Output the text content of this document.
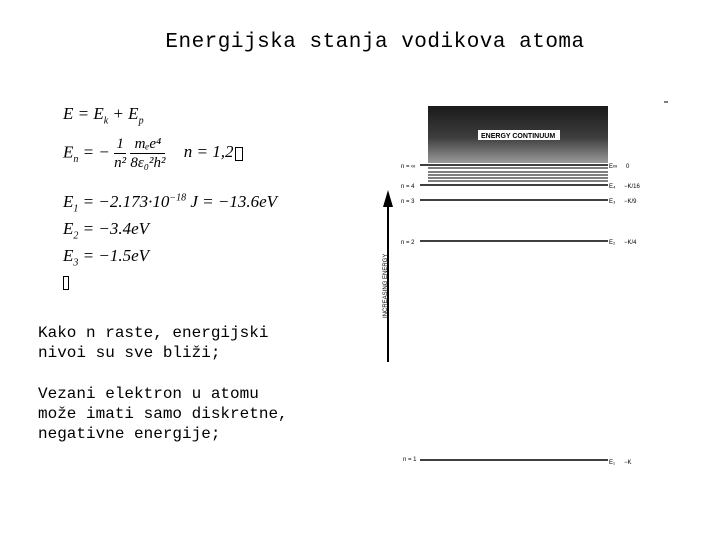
Energijska stanja vodikova atoma
$E = E_k + E_p$
$E_n$ = − $\frac{1}{\text{n²}}$
$\frac{\text{mₑe⁴}}{\text{8ε₀²h²}}$ n = 1,2
$E_1 = -2.173\cdot 10^{-18}$ J = −13.6eV
$E_2 = -3.4eV$
$E_3 = -1.5eV$
Kako n raste, energijski
nivoi su sve bliži;
Vezani elektron u atomu
može imati samo diskretne,
negativne energije;
ENERGY CONTINUUM
n = ∞
n = 4
n = 3
n = 2
n = 1
E∞ 0
E₄ −K/16
E₃ −K/9
E₂ −K/4
E₁ −K
INCREASING ENERGY
